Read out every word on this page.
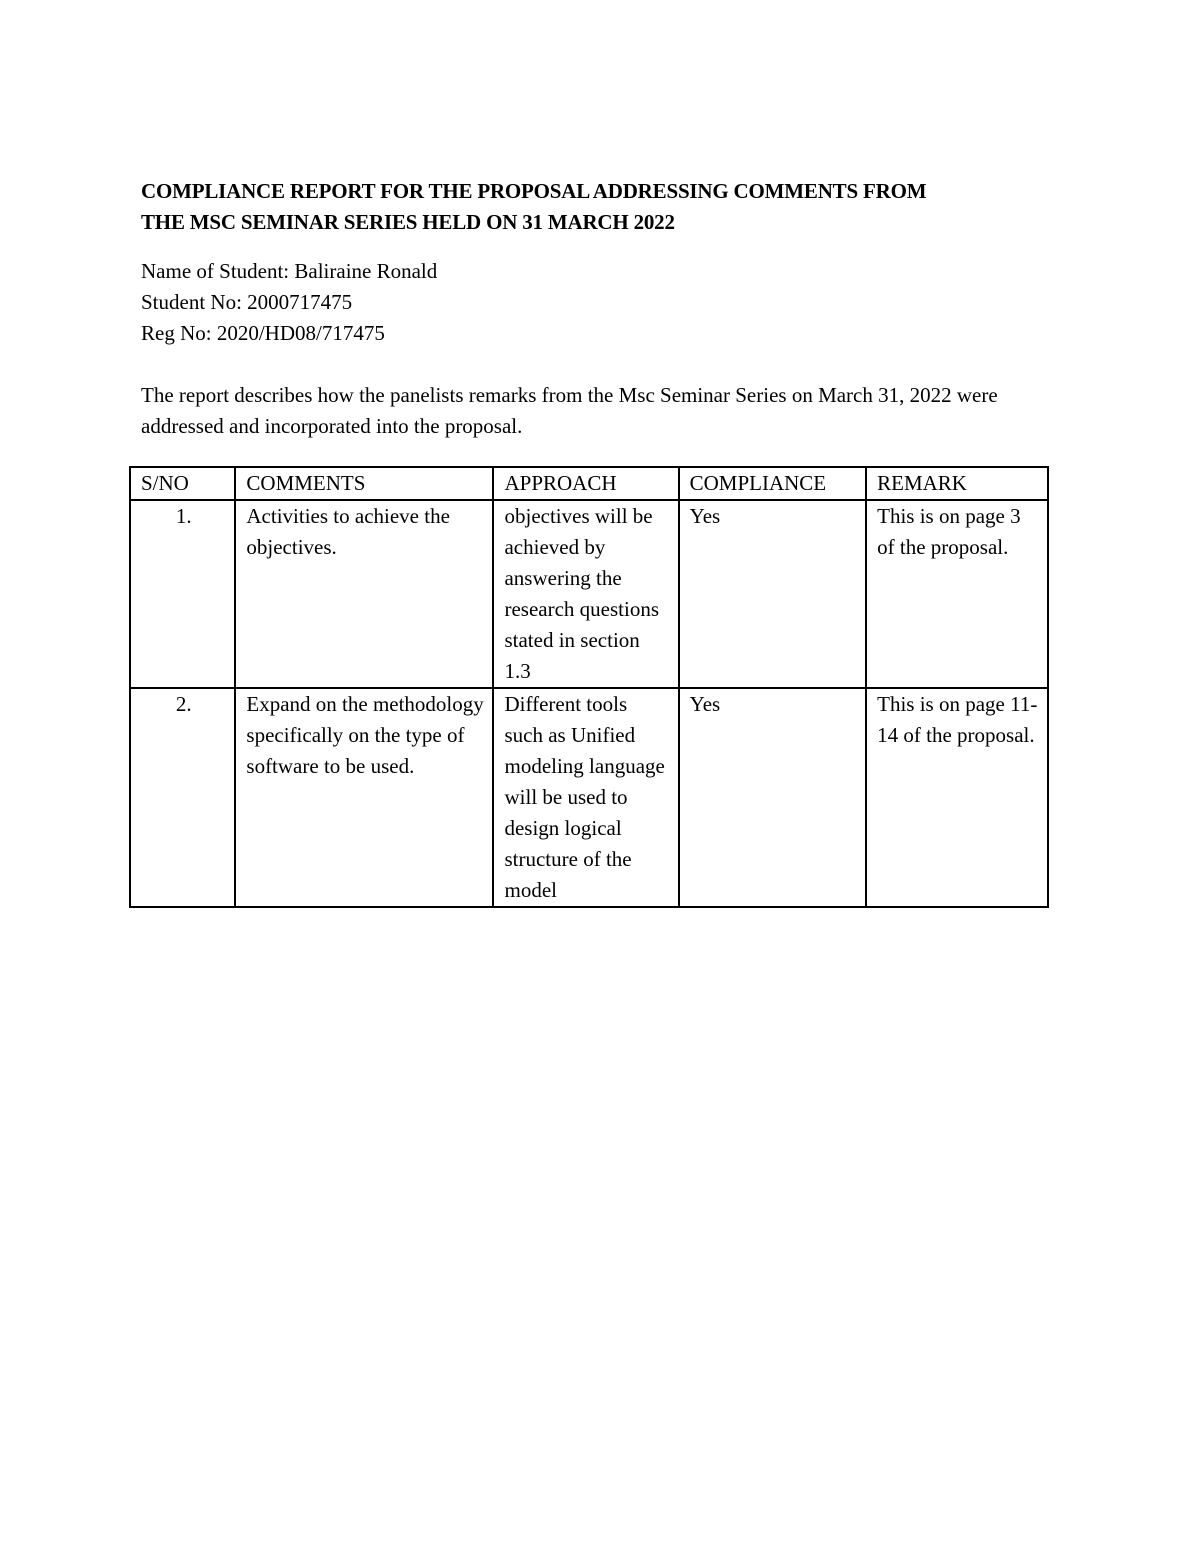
COMPLIANCE REPORT FOR THE PROPOSAL ADDRESSING COMMENTS FROM
THE MSC SEMINAR SERIES HELD ON 31 MARCH 2022
Name of Student: Baliraine Ronald
Student No: 2000717475
Reg No: 2020/HD08/717475

The report describes how the panelists remarks from the Msc Seminar Series on March 31, 2022 were addressed and incorporated into the proposal.

S/NO	COMMENTS	APPROACH	COMPLIANCE	REMARK
1.	Activities to achieve the objectives.	objectives will be achieved by answering the research questions stated in section 1.3	Yes	This is on page 3 of the proposal.
2.	Expand on the methodology specifically on the type of software to be used.	Different tools such as Unified modeling language will be used to design logical structure of the model	Yes	This is on page 11-14 of the proposal.
